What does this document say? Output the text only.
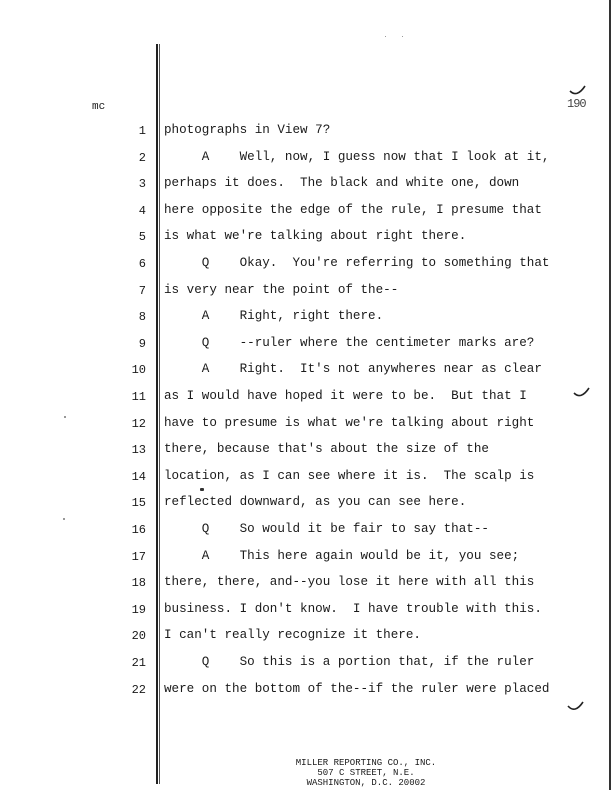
mc	190
1 photographs in View 7?
2 A    Well, now, I guess now that I look at it,
3 perhaps it does.  The black and white one, down
4 here opposite the edge of the rule, I presume that
5 is what we're talking about right there.
6 Q    Okay.  You're referring to something that
7 is very near the point of the--
8 A    Right, right there.
9 Q    --ruler where the centimeter marks are?
10 A    Right.  It's not anywheres near as clear
11 as I would have hoped it were to be.  But that I
12 have to presume is what we're talking about right
13 there, because that's about the size of the
14 location, as I can see where it is.  The scalp is
15 reflected downward, as you can see here.
16 Q    So would it be fair to say that--
17 A    This here again would be it, you see;
18 there, there, and--you lose it here with all this
19 business. I don't know.  I have trouble with this.
20 I can't really recognize it there.
21 Q    So this is a portion that, if the ruler
22 were on the bottom of the--if the ruler were placed
MILLER REPORTING CO., INC.
507 C STREET, N.E.
WASHINGTON, D.C. 20002
